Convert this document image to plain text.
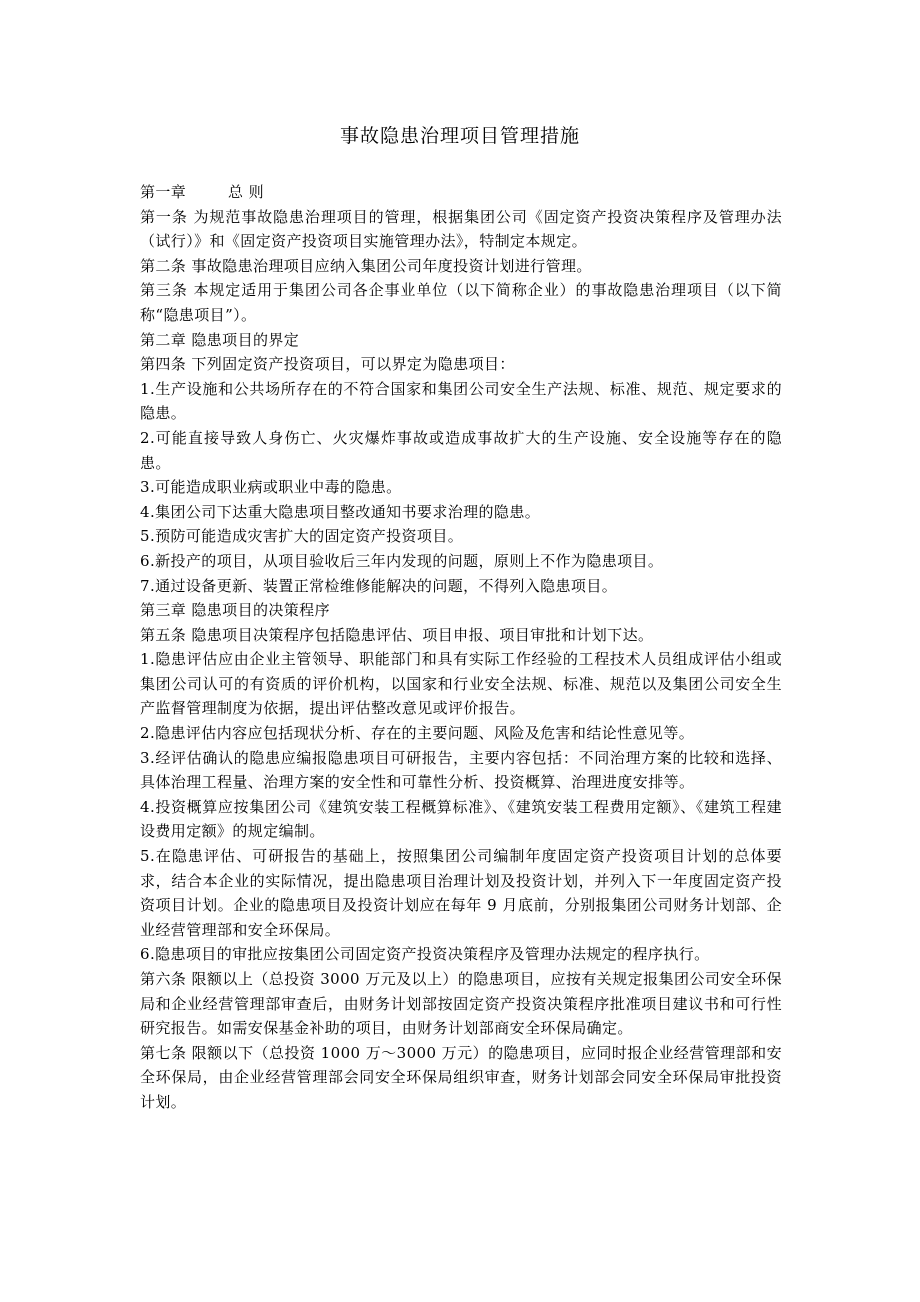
事故隐患治理项目管理措施

第一章	总 则

第一条 为规范事故隐患治理项目的管理，根据集团公司《固定资产投资决策程序及管理办法（试行）》和《固定资产投资项目实施管理办法》，特制定本规定。

第二条 事故隐患治理项目应纳入集团公司年度投资计划进行管理。

第三条 本规定适用于集团公司各企事业单位（以下简称企业）的事故隐患治理项目（以下简称“隐患项目”）。

第二章 隐患项目的界定

第四条 下列固定资产投资项目，可以界定为隐患项目：

1.生产设施和公共场所存在的不符合国家和集团公司安全生产法规、标准、规范、规定要求的隐患。

2.可能直接导致人身伤亡、火灾爆炸事故或造成事故扩大的生产设施、安全设施等存在的隐患。

3.可能造成职业病或职业中毒的隐患。

4.集团公司下达重大隐患项目整改通知书要求治理的隐患。

5.预防可能造成灾害扩大的固定资产投资项目。

6.新投产的项目，从项目验收后三年内发现的问题，原则上不作为隐患项目。

7.通过设备更新、装置正常检维修能解决的问题，不得列入隐患项目。

第三章 隐患项目的决策程序

第五条 隐患项目决策程序包括隐患评估、项目申报、项目审批和计划下达。

1.隐患评估应由企业主管领导、职能部门和具有实际工作经验的工程技术人员组成评估小组或集团公司认可的有资质的评价机构，以国家和行业安全法规、标准、规范以及集团公司安全生产监督管理制度为依据，提出评估整改意见或评价报告。

2.隐患评估内容应包括现状分析、存在的主要问题、风险及危害和结论性意见等。

3.经评估确认的隐患应编报隐患项目可研报告，主要内容包括：不同治理方案的比较和选择、具体治理工程量、治理方案的安全性和可靠性分析、投资概算、治理进度安排等。

4.投资概算应按集团公司《建筑安装工程概算标准》、《建筑安装工程费用定额》、《建筑工程建设费用定额》的规定编制。

5.在隐患评估、可研报告的基础上，按照集团公司编制年度固定资产投资项目计划的总体要求，结合本企业的实际情况，提出隐患项目治理计划及投资计划，并列入下一年度固定资产投资项目计划。企业的隐患项目及投资计划应在每年 9 月底前，分别报集团公司财务计划部、企业经营管理部和安全环保局。

6.隐患项目的审批应按集团公司固定资产投资决策程序及管理办法规定的程序执行。

第六条 限额以上（总投资 3000 万元及以上）的隐患项目，应按有关规定报集团公司安全环保局和企业经营管理部审查后，由财务计划部按固定资产投资决策程序批准项目建议书和可行性研究报告。如需安保基金补助的项目，由财务计划部商安全环保局确定。

第七条 限额以下（总投资 1000 万～3000 万元）的隐患项目，应同时报企业经营管理部和安全环保局，由企业经营管理部会同安全环保局组织审查，财务计划部会同安全环保局审批投资计划。
